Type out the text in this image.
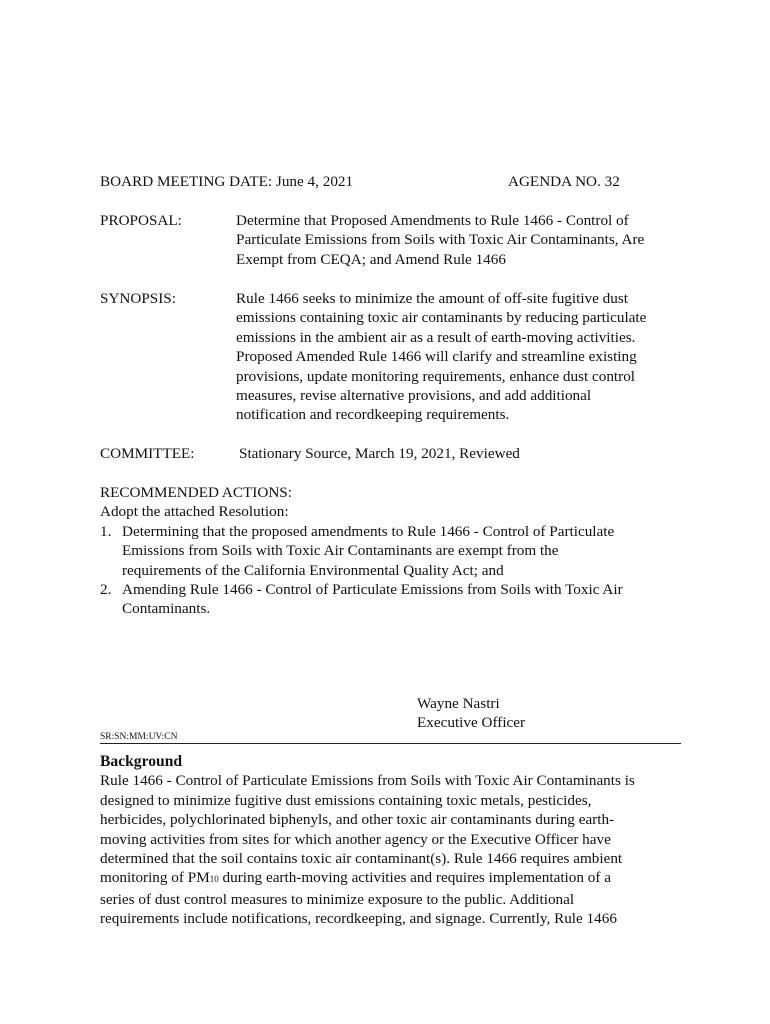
BOARD MEETING DATE: June 4, 2021	AGENDA NO. 32
PROPOSAL:	Determine that Proposed Amendments to Rule 1466 - Control of
Particulate Emissions from Soils with Toxic Air Contaminants, Are
Exempt from CEQA; and Amend Rule 1466
SYNOPSIS:	Rule 1466 seeks to minimize the amount of off-site fugitive dust
emissions containing toxic air contaminants by reducing particulate
emissions in the ambient air as a result of earth-moving activities.
Proposed Amended Rule 1466 will clarify and streamline existing
provisions, update monitoring requirements, enhance dust control
measures, revise alternative provisions, and add additional
notification and recordkeeping requirements.
COMMITTEE:	Stationary Source, March 19, 2021, Reviewed
RECOMMENDED ACTIONS:
Adopt the attached Resolution:
1. Determining that the proposed amendments to Rule 1466 - Control of Particulate
Emissions from Soils with Toxic Air Contaminants are exempt from the
requirements of the California Environmental Quality Act; and
2. Amending Rule 1466 - Control of Particulate Emissions from Soils with Toxic Air
Contaminants.
Wayne Nastri
Executive Officer
SR:SN:MM:UV:CN
Background
Rule 1466 - Control of Particulate Emissions from Soils with Toxic Air Contaminants is
designed to minimize fugitive dust emissions containing toxic metals, pesticides,
herbicides, polychlorinated biphenyls, and other toxic air contaminants during earth-
moving activities from sites for which another agency or the Executive Officer have
determined that the soil contains toxic air contaminant(s). Rule 1466 requires ambient
monitoring of PM10 during earth-moving activities and requires implementation of a
series of dust control measures to minimize exposure to the public. Additional
requirements include notifications, recordkeeping, and signage. Currently, Rule 1466
